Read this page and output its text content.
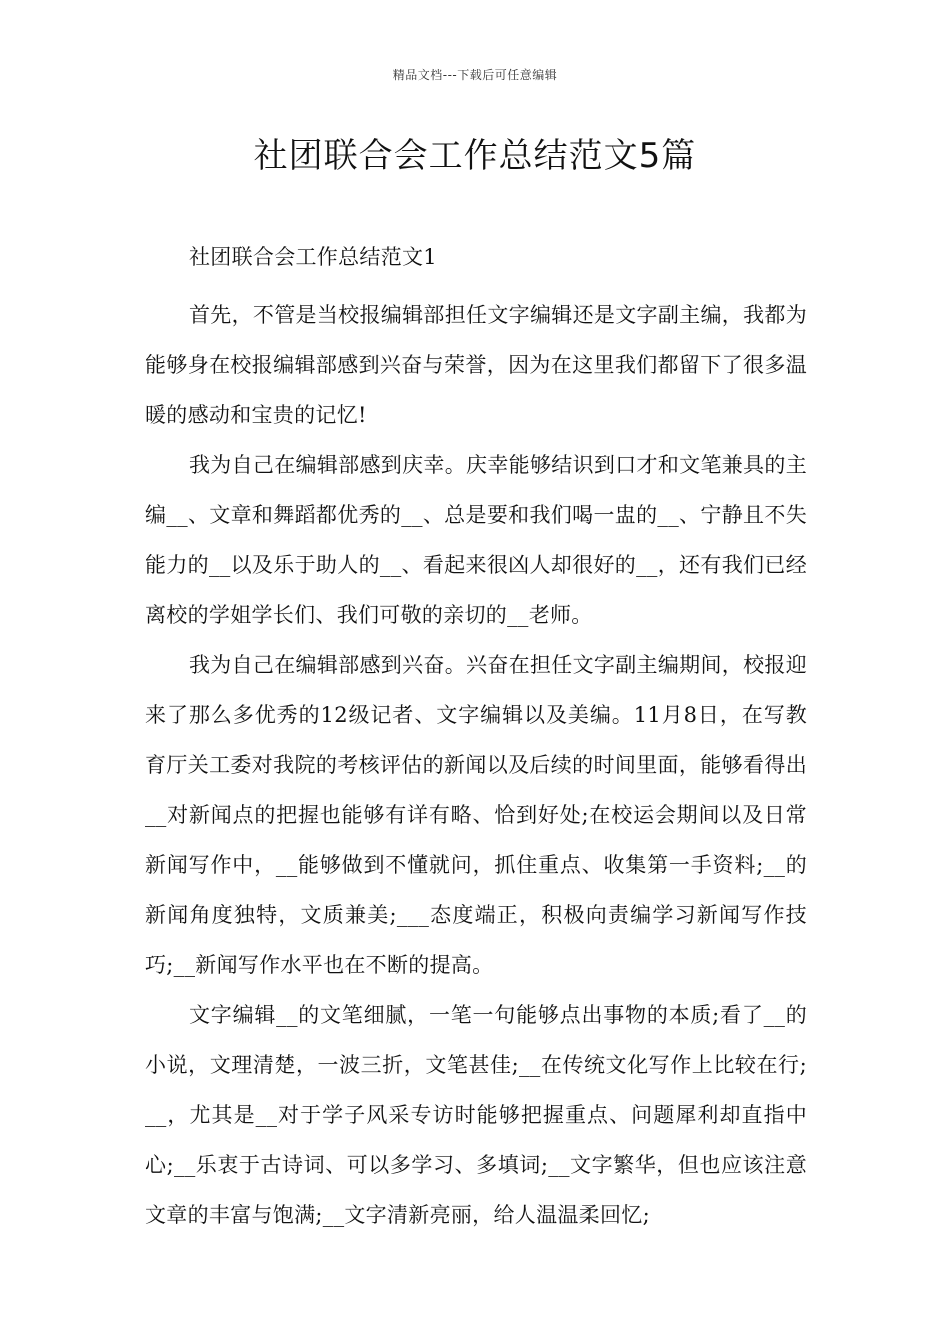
精品文档---下载后可任意编辑
社团联合会工作总结范文5篇

社团联合会工作总结范文1

首先，不管是当校报编辑部担任文字编辑还是文字副主编，我都为能够身在校报编辑部感到兴奋与荣誉，因为在这里我们都留下了很多温暖的感动和宝贵的记忆!

我为自己在编辑部感到庆幸。庆幸能够结识到口才和文笔兼具的主编__、文章和舞蹈都优秀的__、总是要和我们喝一盅的__、宁静且不失能力的__以及乐于助人的__、看起来很凶人却很好的__，还有我们已经离校的学姐学长们、我们可敬的亲切的__老师。

我为自己在编辑部感到兴奋。兴奋在担任文字副主编期间，校报迎来了那么多优秀的12级记者、文字编辑以及美编。11月8日，在写教育厅关工委对我院的考核评估的新闻以及后续的时间里面，能够看得出__对新闻点的把握也能够有详有略、恰到好处;在校运会期间以及日常新闻写作中，__能够做到不懂就问，抓住重点、收集第一手资料;__的新闻角度独特，文质兼美;___态度端正，积极向责编学习新闻写作技巧;__新闻写作水平也在不断的提高。

文字编辑__的文笔细腻，一笔一句能够点出事物的本质;看了__的小说，文理清楚，一波三折，文笔甚佳;__在传统文化写作上比较在行;__，尤其是__对于学子风采专访时能够把握重点、问题犀利却直指中心;__乐衷于古诗词、可以多学习、多填词;__文字繁华，但也应该注意文章的丰富与饱满;__文字清新亮丽，给人温温柔回忆;
